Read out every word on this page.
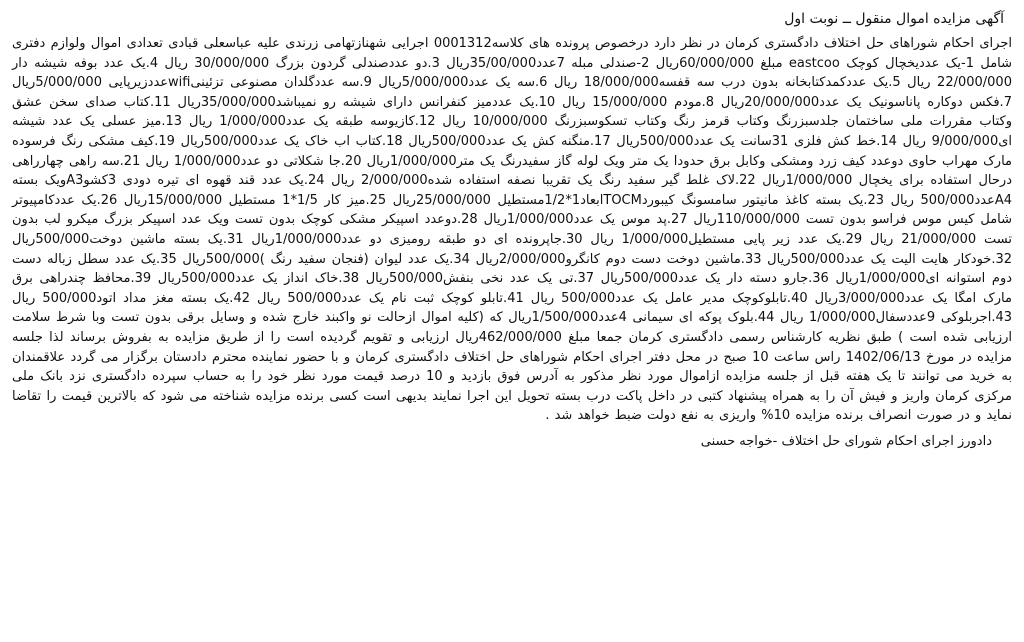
آگهی مزایده اموال منقول ــ نوبت اول

اجرای احکام شوراهای حل اختلاف دادگستری کرمان در نظر دارد درخصوص پرونده های کلاسه0001312 اجرایی شهنازتهامی زرندی علیه عباسعلی قبادی تعدادی اموال ولوازم دفتری شامل 1-یک عددیخچال کوچک eastcoo مبلغ 60/000/000ریال 2-صندلی مبله 7عدد35/00/000ریال 3.دو عددصندلی گردون بزرگ 30/000/000 ریال 4.یک عدد بوفه شیشه دار 22/000/000 ریال 5.یک عددکمدکتابخانه بدون درب سه قفسه18/000/000 ریال 6.سه یک عدد5/000/000ریال 9.سه عددگلدان مصنوعی تزئینیwifiعددزیرپایی 5/000/000ریال 7.فکس دوکاره پاناسونیک یک عدد20/000/000ریال 8.مودم 15/000/000 ریال 10.یک عددمیز کنفرانس دارای شیشه رو نمیباشد35/000/000ریال 11.کتاب صدای سخن عشق وکتاب مقررات ملی ساختمان جلدسبزرنگ وکتاب قرمز رنگ وکتاب تسکوسبزرنگ 10/000/000 ریال 12.کازیوسه طبقه یک عدد1/000/000 ریال 13.میز عسلی یک عدد شیشه ای9/000/000 ریال 14.خط کش فلزی 31سانت یک عدد500/000ریال 17.منگنه کش یک عدد500/000ریال 18.کتاب اب خاک یک عدد500/000ریال 19.کیف مشکی رنگ فرسوده مارک مهراب حاوی دوعدد کیف زرد ومشکی وکابل برق حدودا یک متر ویک لوله گاز سفیدرنگ یک متر1/000/000ریال 20.جا شکلاتی دو عدد1/000/000 ریال 21.سه راهی چهارراهی درحال استفاده برای یخچال 1/000/000ریال 22.لاک غلط گیر سفید رنگ یک تقریبا نصفه استفاده شده2/000/000 ریال 24.یک عدد قند قهوه ای تیره دودی 3کشوA3ویک بسته A4عدد500/000 ریال 23.یک بسته کاغذ مانیتور سامسونگ کیبوردTOCMابعاد1*1/2مستطیل 25/000/000ریال 25.میز کار 1/5*1 مستطیل 15/000/000ریال 26.یک عددکامپیوتر شامل کیس موس فراسو بدون تست 110/000/000ریال 27.پد موس یک عدد1/000/000ریال 28.دوعدد اسپیکر مشکی کوچک بدون تست ویک عدد اسپیکر بزرگ میکرو لب بدون تست 21/000/000 ریال 29.یک عدد زیر پایی مستطیل1/000/000 ریال 30.جاپرونده ای دو طبقه رومیزی دو عدد1/000/000ریال 31.یک بسته ماشین دوخت500/000ریال 32.خودکار هایت الیت یک عدد500/000ریال 33.ماشین دوخت دست دوم کانگرو2/000/000ریال 34.یک عدد لیوان (فنجان سفید رنگ )500/000ریال 35.یک عدد سطل زباله دست دوم استوانه ای1/000/000ریال 36.جارو دسته دار یک عدد500/000ریال 37.تی یک عدد نخی بنفش500/000ریال 38.خاک انداز یک عدد500/000ریال 39.محافظ چندراهی برق مارک امگا یک عدد3/000/000ریال 40.تابلوکوچک مدیر عامل یک عدد500/000 ریال 41.تابلو کوچک ثبت نام یک عدد500/000 ریال 42.یک بسته مغز مداد اتود500/000 ریال 43.اجربلوکی 9عددسفال1/000/000 ریال 44.بلوک پوکه ای سیمانی 4عدد1/500/000ریال که (کلیه اموال ازحالت نو واکبند خارج شده و وسایل برقی بدون تست وبا شرط سلامت ارزیابی شده است ) طبق نظریه کارشناس رسمی دادگستری کرمان جمعا مبلغ 462/000/000ریال ارزیابی و تقویم گردیده است را از طریق مزایده به بفروش برساند لذا جلسه مزایده در مورخ 1402/06/13 راس ساعت 10 صبح در محل دفتر اجرای احکام شوراهای حل اختلاف دادگستری کرمان و با حضور نماینده محترم دادستان برگزار می گردد علاقمندان به خرید می توانند تا یک هفته قبل از جلسه مزایده ازاموال مورد نظر مذکور به آدرس فوق بازدید و 10 درصد قیمت مورد نظر خود را به حساب سپرده دادگستری نزد بانک ملی مرکزی کرمان واریز و فیش آن را به همراه پیشنهاد کتبی در داخل پاکت درب بسته تحویل این اجرا نمایند بدیهی است کسی برنده مزایده شناخته می شود که بالاترین قیمت را تقاضا نماید و در صورت انصراف برنده مزایده 10% واریزی به نفع دولت ضبط خواهد شد .

دادورز اجرای احکام شورای حل اختلاف -خواجه حسنی
